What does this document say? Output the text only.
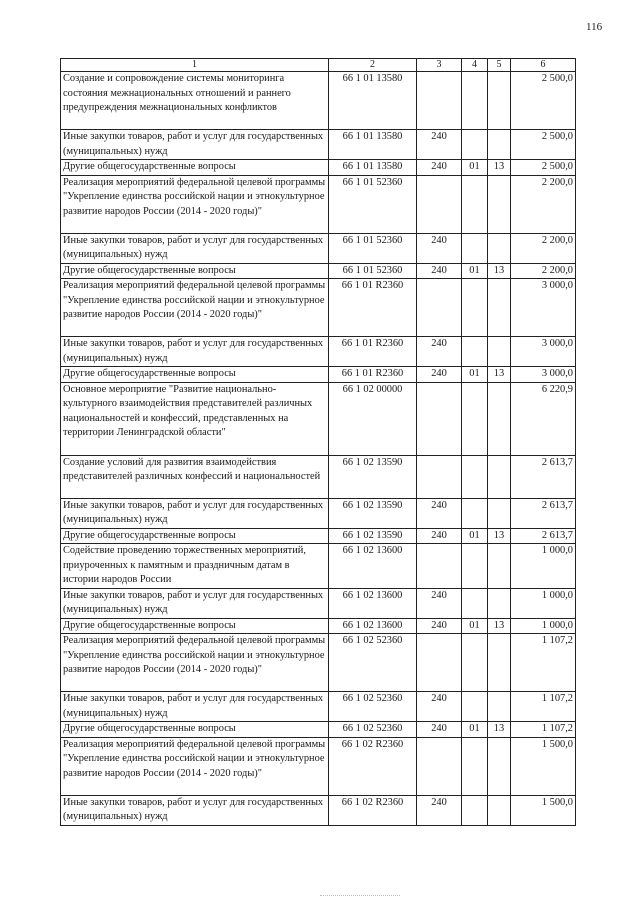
116
1	2	3	4	5	6
Создание и сопровождение системы мониторинга состояния межнациональных отношений и раннего предупреждения межнациональных конфликтов	66 1 01 13580				2 500,0
Иные закупки товаров, работ и услуг для государственных (муниципальных) нужд	66 1 01 13580	240			2 500,0
Другие общегосударственные вопросы	66 1 01 13580	240	01	13	2 500,0
Реализация мероприятий федеральной целевой программы "Укрепление единства российской нации и этнокультурное развитие народов России (2014 - 2020 годы)"	66 1 01 52360				2 200,0
Иные закупки товаров, работ и услуг для государственных (муниципальных) нужд	66 1 01 52360	240			2 200,0
Другие общегосударственные вопросы	66 1 01 52360	240	01	13	2 200,0
Реализация мероприятий федеральной целевой программы "Укрепление единства российской нации и этнокультурное развитие народов России (2014 - 2020 годы)"	66 1 01 R2360				3 000,0
Иные закупки товаров, работ и услуг для государственных (муниципальных) нужд	66 1 01 R2360	240			3 000,0
Другие общегосударственные вопросы	66 1 01 R2360	240	01	13	3 000,0
Основное мероприятие "Развитие национально-культурного взаимодействия представителей различных национальностей и конфессий, представленных на территории Ленинградской области"	66 1 02 00000				6 220,9
Создание условий для развития взаимодействия представителей различных конфессий и национальностей	66 1 02 13590				2 613,7
Иные закупки товаров, работ и услуг для государственных (муниципальных) нужд	66 1 02 13590	240			2 613,7
Другие общегосударственные вопросы	66 1 02 13590	240	01	13	2 613,7
Содействие проведению торжественных мероприятий, приуроченных к памятным и праздничным датам в истории народов России	66 1 02 13600				1 000,0
Иные закупки товаров, работ и услуг для государственных (муниципальных) нужд	66 1 02 13600	240			1 000,0
Другие общегосударственные вопросы	66 1 02 13600	240	01	13	1 000,0
Реализация мероприятий федеральной целевой программы "Укрепление единства российской нации и этнокультурное развитие народов России (2014 - 2020 годы)"	66 1 02 52360				1 107,2
Иные закупки товаров, работ и услуг для государственных (муниципальных) нужд	66 1 02 52360	240			1 107,2
Другие общегосударственные вопросы	66 1 02 52360	240	01	13	1 107,2
Реализация мероприятий федеральной целевой программы "Укрепление единства российской нации и этнокультурное развитие народов России (2014 - 2020 годы)"	66 1 02 R2360				1 500,0
Иные закупки товаров, работ и услуг для государственных (муниципальных) нужд	66 1 02 R2360	240			1 500,0
